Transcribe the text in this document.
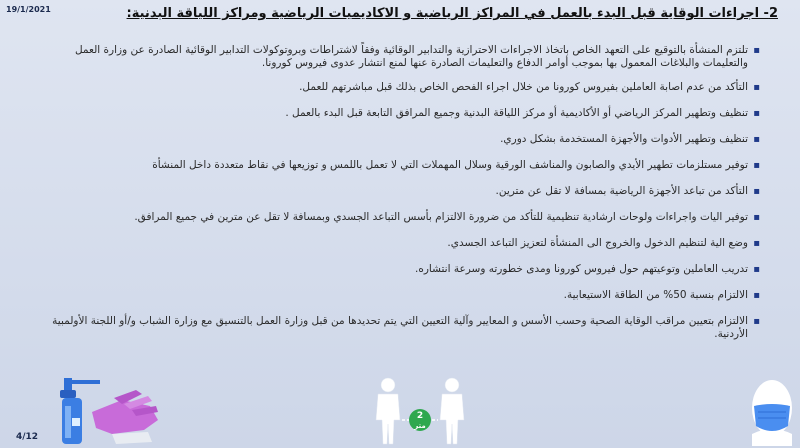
19/1/2021	2- اجراءات الوقاية قبل البدء بالعمل في المراكز الرياضية و الاكاديميات الرياضية ومراكز اللياقة البدنية:
▪ تلتزم المنشأة بالتوقيع على التعهد الخاص باتخاذ الاجراءات الاحترازية والتدابير الوقائية وفقاً لاشتراطات وبروتوكولات التدابير الوقائية الصادرة عن وزارة العمل والتعليمات والبلاغات المعمول بها بموجب أوامر الدفاع والتعليمات الصادرة عنها لمنع انتشار عدوى فيروس كورونا.
▪ التأكد من عدم اصابة العاملين بفيروس كورونا من خلال اجراء الفحص الخاص بذلك قبل مباشرتهم للعمل.
▪ تنظيف وتطهير المركز الرياضي أو الأكاديمية أو مركز اللياقة البدنية وجميع المرافق التابعة قبل البدء بالعمل .
▪ تنظيف وتطهير الأدوات والأجهزة المستخدمة بشكل دوري.
▪ توفير مستلزمات تطهير الأيدي والصابون والمناشف الورقية وسلال المهملات التي لا تعمل باللمس و توزيعها في نقاط متعددة داخل المنشأة
▪ التأكد من تباعد الأجهزة الرياضية بمسافة لا تقل عن مترين.
▪ توفير اليات واجراءات ولوحات ارشادية تنظيمية للتأكد من ضرورة الالتزام بأسس التباعد الجسدي وبمسافة لا تقل عن مترين في جميع المرافق.
▪ وضع الية لتنظيم الدخول والخروج الى المنشأة لتعزيز التباعد الجسدي.
▪ تدريب العاملين وتوعيتهم حول فيروس كورونا ومدى خطورته وسرعة انتشاره.
▪ الالتزام بنسبة 50% من الطاقة الاستيعابية.
▪ الالتزام بتعيين مراقب الوقاية الصحية وحسب الأسس و المعايير وآلية التعيين التي يتم تحديدها من قبل وزارة العمل بالتنسيق مع وزارة الشباب و/أو اللجنة الأولمبية الأردنية.
2
متر
4/12
